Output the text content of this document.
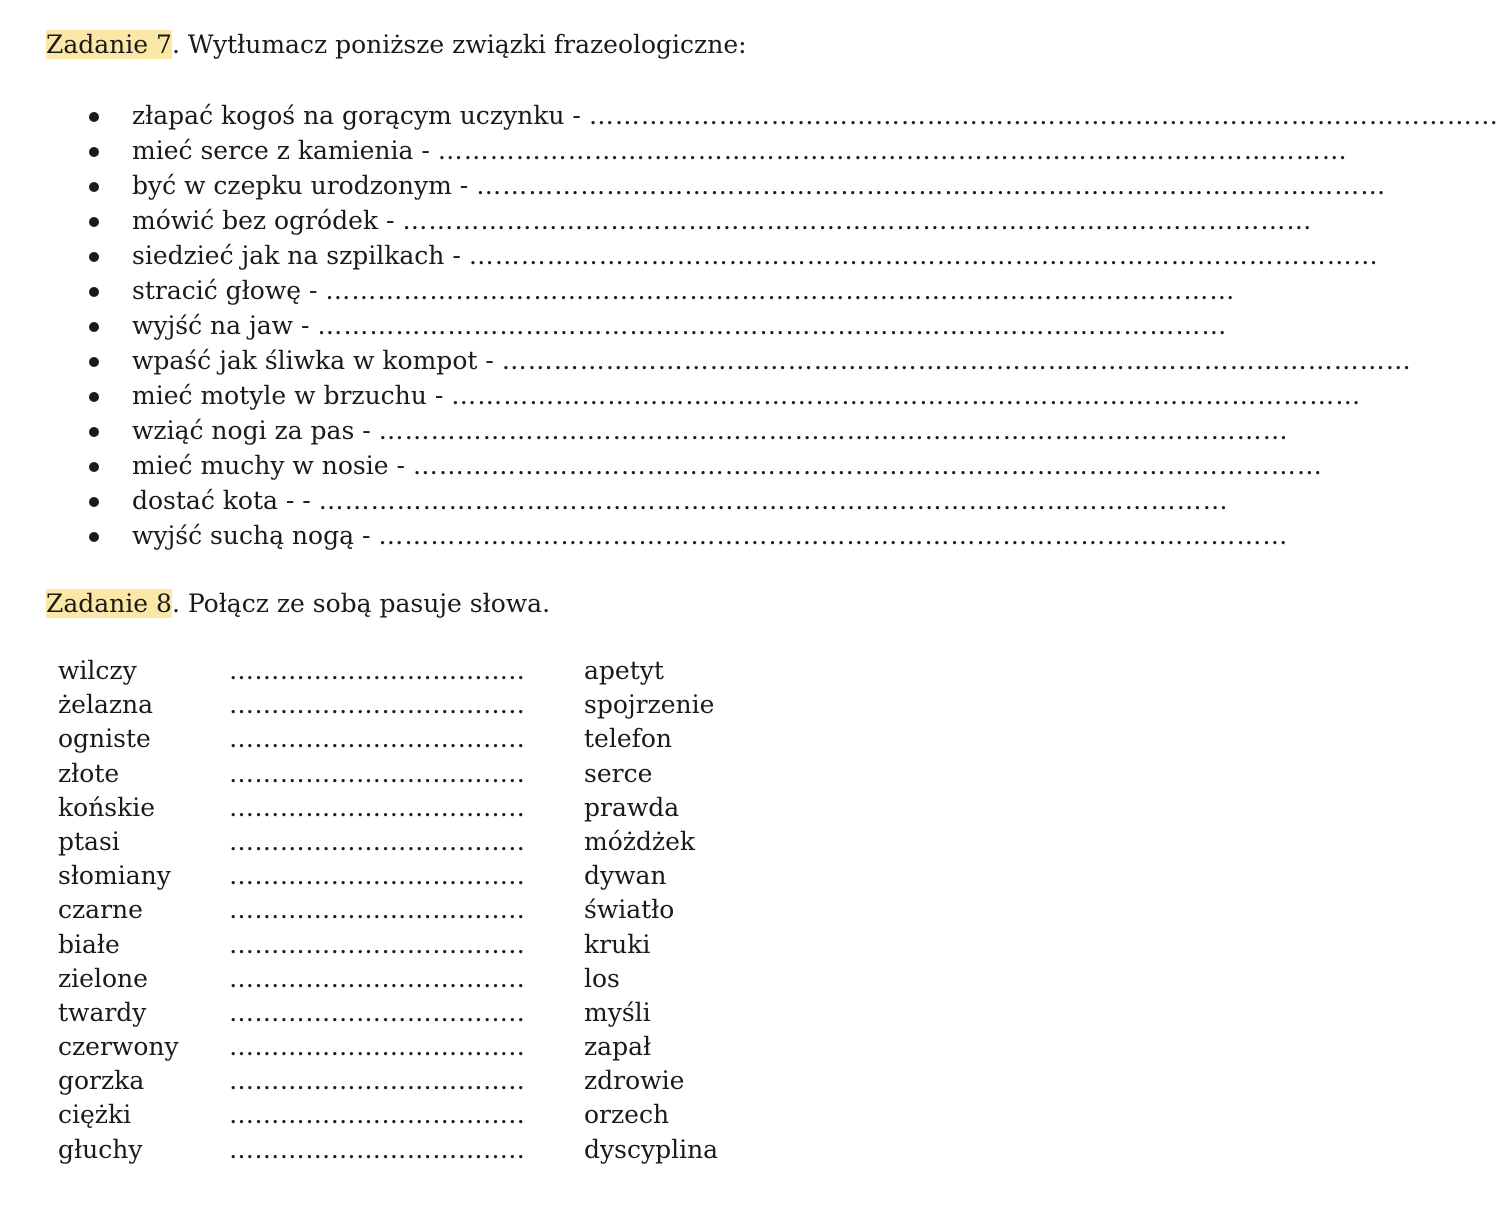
Zadanie 7. Wytłumacz poniższe związki frazeologiczne:
złapać kogoś na gorącym uczynku - ……………………………………………………………………………………………
mieć serce z kamienia - ……………………………………………………………………………………………
być w czepku urodzonym - ……………………………………………………………………………………………
mówić bez ogródek - ……………………………………………………………………………………………
siedzieć jak na szpilkach - ……………………………………………………………………………………………
stracić głowę - ……………………………………………………………………………………………
wyjść na jaw - ……………………………………………………………………………………………
wpaść jak śliwka w kompot - ……………………………………………………………………………………………
mieć motyle w brzuchu - ……………………………………………………………………………………………
wziąć nogi za pas - ……………………………………………………………………………………………
mieć muchy w nosie - ……………………………………………………………………………………………
dostać kota - - ……………………………………………………………………………………………
wyjść suchą nogą - ……………………………………………………………………………………………
Zadanie 8. Połącz ze sobą pasuje słowa.
wilczy	…………………………….. apetyt
żelazna	…………………………….. spojrzenie
ogniste	…………………………….. telefon
złote	…………………………….. serce
końskie	…………………………….. prawda
ptasi	…………………………….. móżdżek
słomiany …………………………….. dywan
czarne	…………………………….. światło
białe	…………………………….. kruki
zielone	…………………………….. los
twardy	…………………………….. myśli
czerwony …………………………….. zapał
gorzka	…………………………….. zdrowie
ciężki	…………………………….. orzech
głuchy	…………………………….. dyscyplina
